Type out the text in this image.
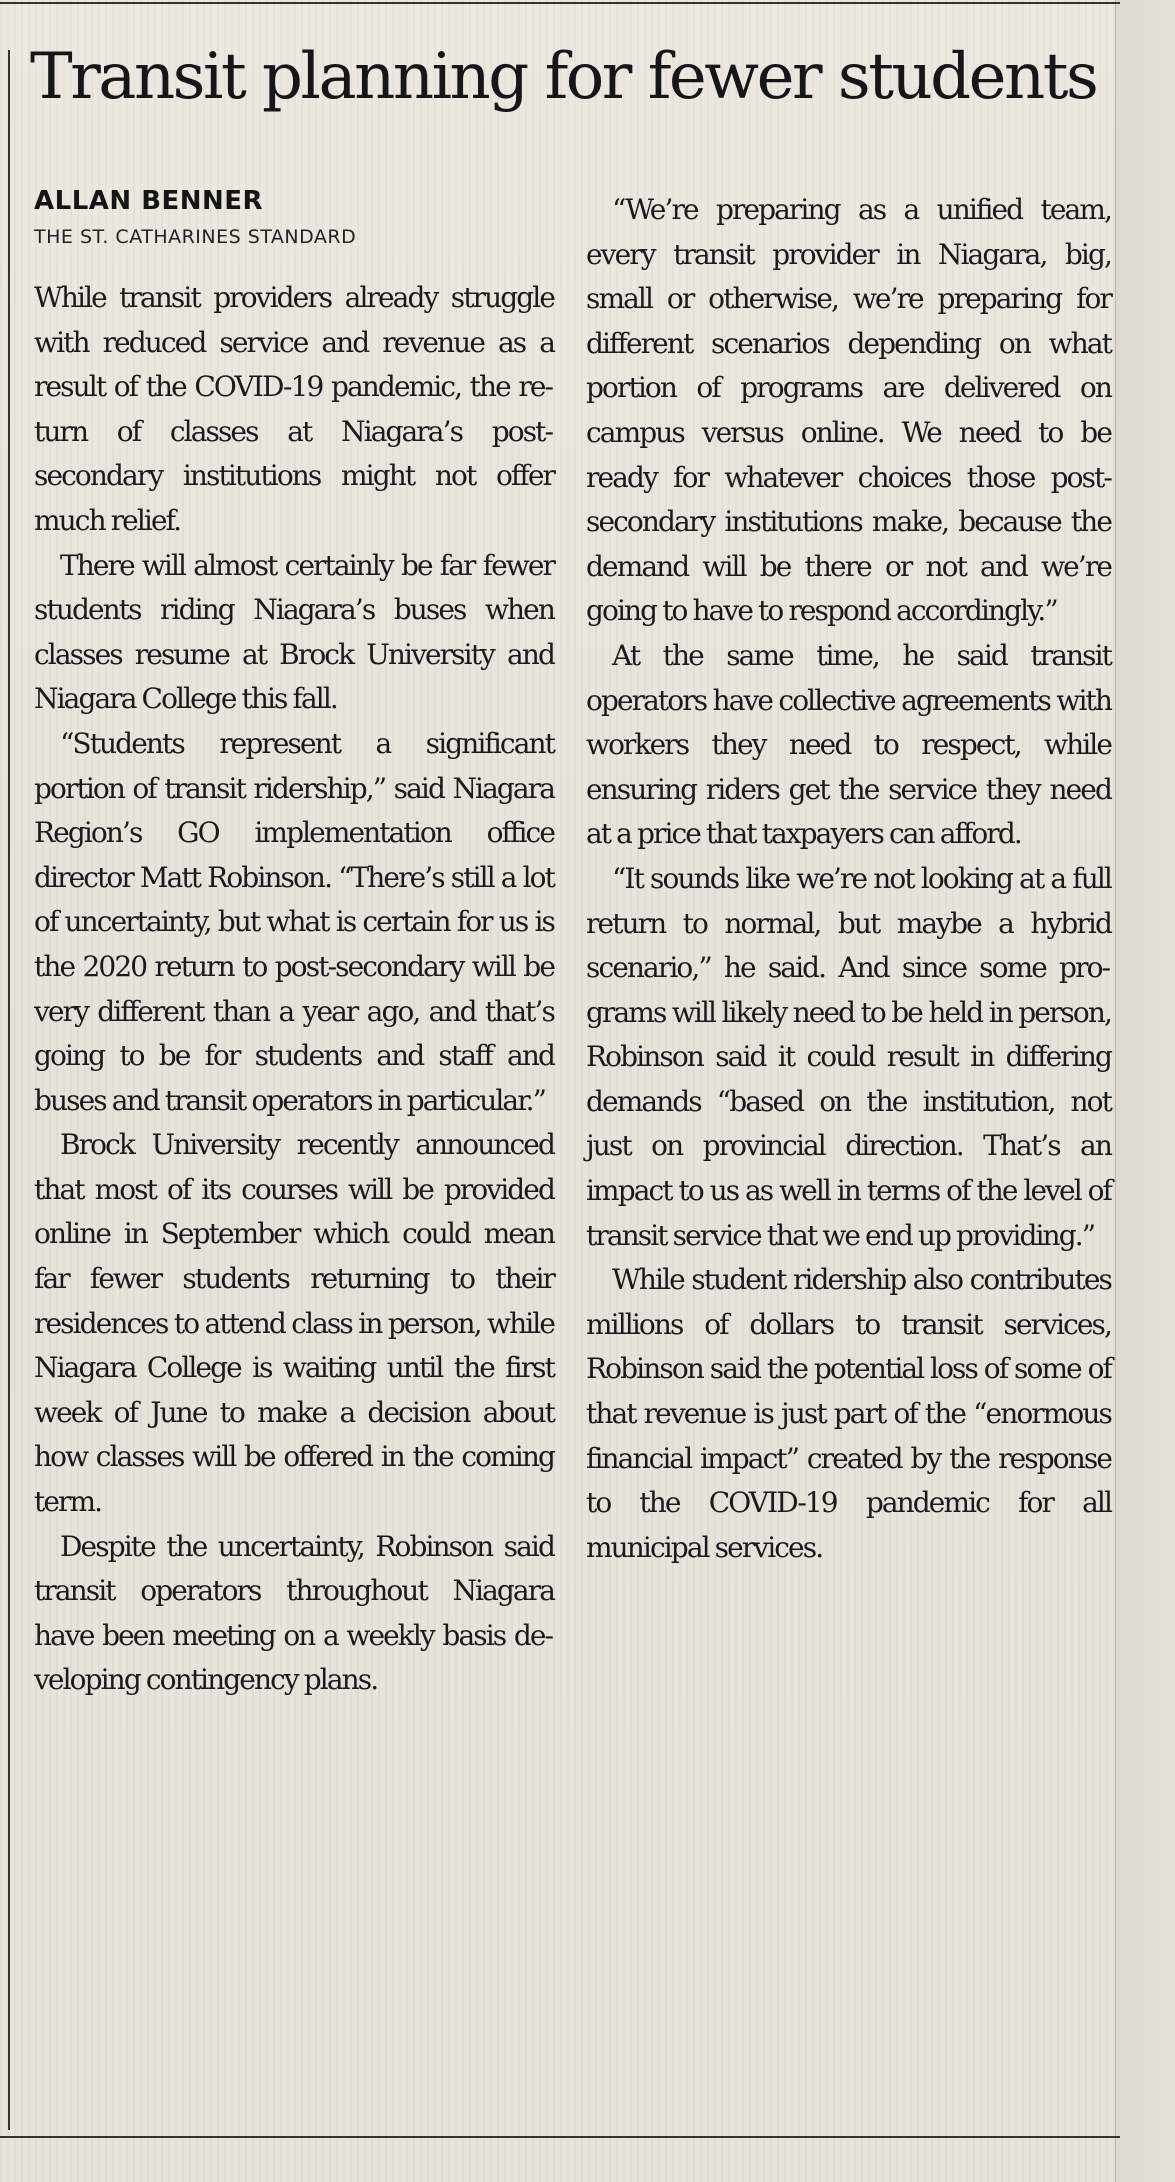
Transit planning for fewer students
ALLAN BENNER
THE ST. CATHARINES STANDARD

While transit providers already struggle with reduced service and revenue as a result of the COVID-19 pandemic, the return of classes at Niagara’s postsecondary institutions might not offer much relief.

There will almost certainly be far fewer students riding Niagara’s buses when classes resume at Brock University and Niagara College this fall.

“Students represent a significant portion of transit ridership,” said Niagara Region’s GO implementation office director Matt Robinson. “There’s still a lot of uncertainty, but what is certain for us is the 2020 return to post-secondary will be very different than a year ago, and that’s going to be for students and staff and buses and transit operators in particular.”

Brock University recently announced that most of its courses will be provided online in September which could mean far fewer students returning to their residences to attend class in person, while Niagara College is waiting until the first week of June to make a decision about how classes will be offered in the coming term.

Despite the uncertainty, Robinson said transit operators throughout Niagara have been meeting on a weekly basis developing contingency plans.

“We’re preparing as a unified team, every transit provider in Niagara, big, small or otherwise, we’re preparing for different scenarios depending on what portion of programs are delivered on campus versus online. We need to be ready for whatever choices those post-secondary institutions make, because the demand will be there or not and we’re going to have to respond accordingly.”

At the same time, he said transit operators have collective agreements with workers they need to respect, while ensuring riders get the service they need at a price that taxpayers can afford.

“It sounds like we’re not looking at a full return to normal, but maybe a hybrid scenario,” he said. And since some programs will likely need to be held in person, Robinson said it could result in differing demands “based on the institution, not just on provincial direction. That’s an impact to us as well in terms of the level of transit service that we end up providing.”

While student ridership also contributes millions of dollars to transit services, Robinson said the potential loss of some of that revenue is just part of the “enormous financial impact” created by the response to the COVID-19 pandemic for all municipal services.
